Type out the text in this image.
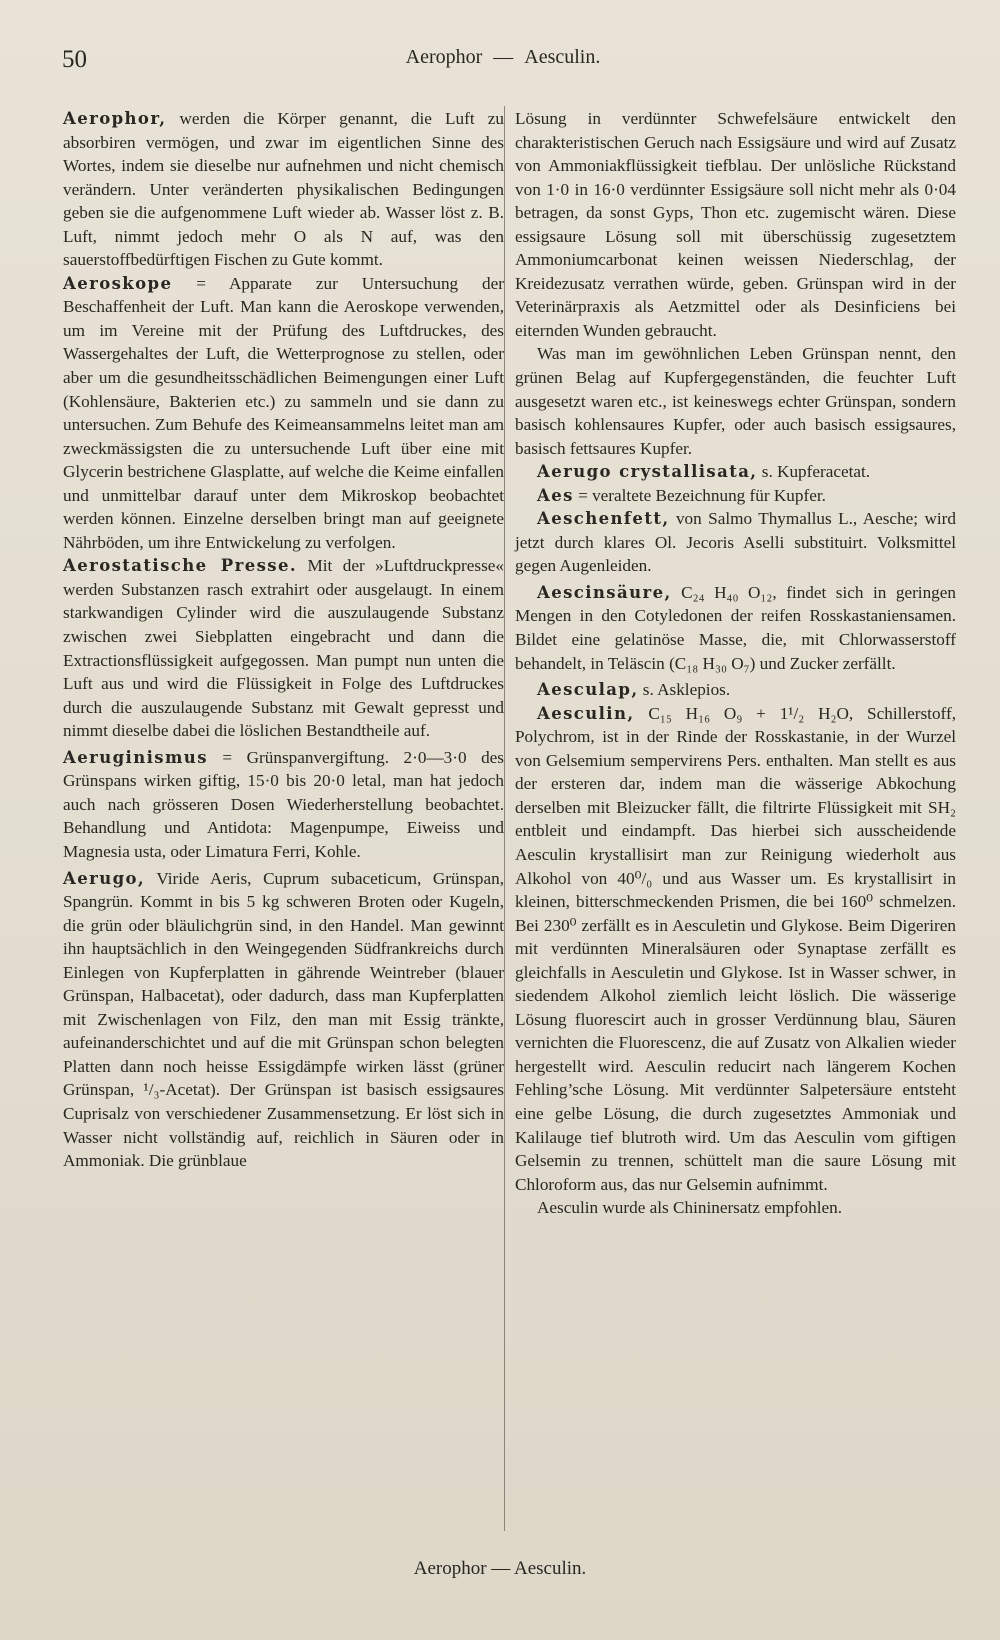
50	Aerophor — Aesculin.

Aerophor, werden die Körper genannt, die Luft zu absorbiren vermögen, und zwar im eigentlichen Sinne des Wortes, indem sie dieselbe nur aufnehmen und nicht chemisch verändern. Unter veränderten physikalischen Bedingungen geben sie die aufgenommene Luft wieder ab. Wasser löst z. B. Luft, nimmt jedoch mehr O als N auf, was den sauerstoffbedürftigen Fischen zu Gute kommt.

Aeroskope = Apparate zur Untersuchung der Beschaffenheit der Luft. Man kann die Aeroskope verwenden, um im Vereine mit der Prüfung des Luftdruckes, des Wassergehaltes der Luft, die Wetterprognose zu stellen, oder aber um die gesundheitsschädlichen Beimengungen einer Luft (Kohlensäure, Bakterien etc.) zu sammeln und sie dann zu untersuchen. Zum Behufe des Keimeansammelns leitet man am zweckmässigsten die zu untersuchende Luft über eine mit Glycerin bestrichene Glasplatte, auf welche die Keime einfallen und unmittelbar darauf unter dem Mikroskop beobachtet werden können. Einzelne derselben bringt man auf geeignete Nährböden, um ihre Entwickelung zu verfolgen.

Aerostatische Presse. Mit der »Luftdruckpresse« werden Substanzen rasch extrahirt oder ausgelaugt. In einem starkwandigen Cylinder wird die auszulaugende Substanz zwischen zwei Siebplatten eingebracht und dann die Extractionsflüssigkeit aufgegossen. Man pumpt nun unten die Luft aus und wird die Flüssigkeit in Folge des Luftdruckes durch die auszulaugende Substanz mit Gewalt gepresst und nimmt dieselbe dabei die löslichen Bestandtheile auf.

Aeruginismus = Grünspanvergiftung. 2·0—3·0 des Grünspans wirken giftig, 15·0 bis 20·0 letal, man hat jedoch auch nach grösseren Dosen Wiederherstellung beobachtet. Behandlung und Antidota: Magenpumpe, Eiweiss und Magnesia usta, oder Limatura Ferri, Kohle.

Aerugo, Viride Aeris, Cuprum subaceticum, Grünspan, Spangrün. Kommt in bis 5 kg schweren Broten oder Kugeln, die grün oder bläulichgrün sind, in den Handel. Man gewinnt ihn hauptsächlich in den Weingegenden Südfrankreichs durch Einlegen von Kupferplatten in gährende Weintreber (blauer Grünspan, Halbacetat), oder dadurch, dass man Kupferplatten mit Zwischenlagen von Filz, den man mit Essig tränkte, aufeinanderschichtet und auf die mit Grünspan schon belegten Platten dann noch heisse Essigdämpfe wirken lässt (grüner Grünspan, ¹/₃-Acetat). Der Grünspan ist basisch essigsaures Cuprisalz von verschiedener Zusammensetzung. Er löst sich in Wasser nicht vollständig auf, reichlich in Säuren oder in Ammoniak. Die grünblaue

Lösung in verdünnter Schwefelsäure entwickelt den charakteristischen Geruch nach Essigsäure und wird auf Zusatz von Ammoniakflüssigkeit tiefblau. Der unlösliche Rückstand von 1·0 in 16·0 verdünnter Essigsäure soll nicht mehr als 0·04 betragen, da sonst Gyps, Thon etc. zugemischt wären. Diese essigsaure Lösung soll mit überschüssig zugesetztem Ammoniumcarbonat keinen weissen Niederschlag, der Kreidezusatz verrathen würde, geben. Grünspan wird in der Veterinärpraxis als Aetzmittel oder als Desinficiens bei eiternden Wunden gebraucht.

Was man im gewöhnlichen Leben Grünspan nennt, den grünen Belag auf Kupfergegenständen, die feuchter Luft ausgesetzt waren etc., ist keineswegs echter Grünspan, sondern basisch kohlensaures Kupfer, oder auch basisch essigsaures, basisch fettsaures Kupfer.

Aerugo crystallisata, s. Kupferacetat.

Aes = veraltete Bezeichnung für Kupfer.

Aeschenfett, von Salmo Thymallus L., Aesche; wird jetzt durch klares Ol. Jecoris Aselli substituirt. Volksmittel gegen Augenleiden.

Aescinsäure, C₂₄ H₄₀ O₁₂, findet sich in geringen Mengen in den Cotyledonen der reifen Rosskastaniensamen. Bildet eine gelatinöse Masse, die, mit Chlorwasserstoff behandelt, in Teläscin (C₁₈ H₃₀ O₇) und Zucker zerfällt.

Aesculap, s. Asklepios.

Aesculin, C₁₅ H₁₆ O₉ + 1¹/₂ H₂O, Schillerstoff, Polychrom, ist in der Rinde der Rosskastanie, in der Wurzel von Gelsemium sempervirens Pers. enthalten. Man stellt es aus der ersteren dar, indem man die wässerige Abkochung derselben mit Bleizucker fällt, die filtrirte Flüssigkeit mit SH₂ entbleit und eindampft. Das hierbei sich ausscheidende Aesculin krystallisirt man zur Reinigung wiederholt aus Alkohol von 40⁰/₀ und aus Wasser um. Es krystallisirt in kleinen, bitterschmeckenden Prismen, die bei 160⁰ schmelzen. Bei 230⁰ zerfällt es in Aesculetin und Glykose. Beim Digeriren mit verdünnten Mineralsäuren oder Synaptase zerfällt es gleichfalls in Aesculetin und Glykose. Ist in Wasser schwer, in siedendem Alkohol ziemlich leicht löslich. Die wässerige Lösung fluorescirt auch in grosser Verdünnung blau, Säuren vernichten die Fluorescenz, die auf Zusatz von Alkalien wieder hergestellt wird. Aesculin reducirt nach längerem Kochen Fehling’sche Lösung. Mit verdünnter Salpetersäure entsteht eine gelbe Lösung, die durch zugesetztes Ammoniak und Kalilauge tief blutroth wird. Um das Aesculin vom giftigen Gelsemin zu trennen, schüttelt man die saure Lösung mit Chloroform aus, das nur Gelsemin aufnimmt.

Aesculin wurde als Chininersatz empfohlen.

Aerophor — Aesculin.
